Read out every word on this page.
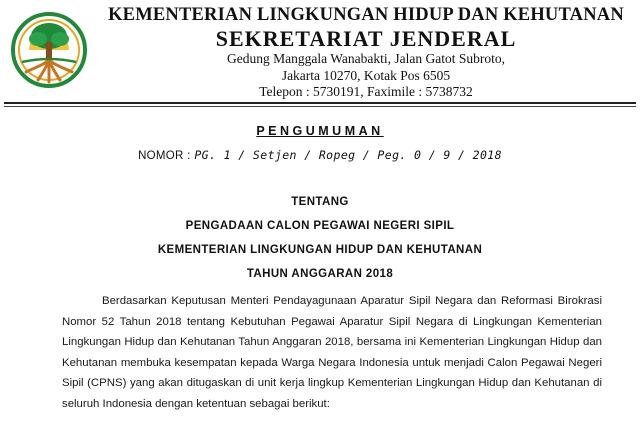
KEMENTERIAN LINGKUNGAN HIDUP DAN KEHUTANAN
SEKRETARIAT JENDERAL
Gedung Manggala Wanabakti, Jalan Gatot Subroto,
Jakarta 10270, Kotak Pos 6505
Telepon : 5730191, Faximile : 5738732
PENGUMUMAN
NOMOR : PG. 1 / Setjen / Ropeg / Peg. 0 / 9 / 2018
TENTANG
PENGADAAN CALON PEGAWAI NEGERI SIPIL
KEMENTERIAN LINGKUNGAN HIDUP DAN KEHUTANAN
TAHUN ANGGARAN 2018
Berdasarkan Keputusan Menteri Pendayagunaan Aparatur Sipil Negara dan Reformasi Birokrasi Nomor 52 Tahun 2018 tentang Kebutuhan Pegawai Aparatur Sipil Negara di Lingkungan Kementerian Lingkungan Hidup dan Kehutanan Tahun Anggaran 2018, bersama ini Kementerian Lingkungan Hidup dan Kehutanan membuka kesempatan kepada Warga Negara Indonesia untuk menjadi Calon Pegawai Negeri Sipil (CPNS) yang akan ditugaskan di unit kerja lingkup Kementerian Lingkungan Hidup dan Kehutanan di seluruh Indonesia dengan ketentuan sebagai berikut:
